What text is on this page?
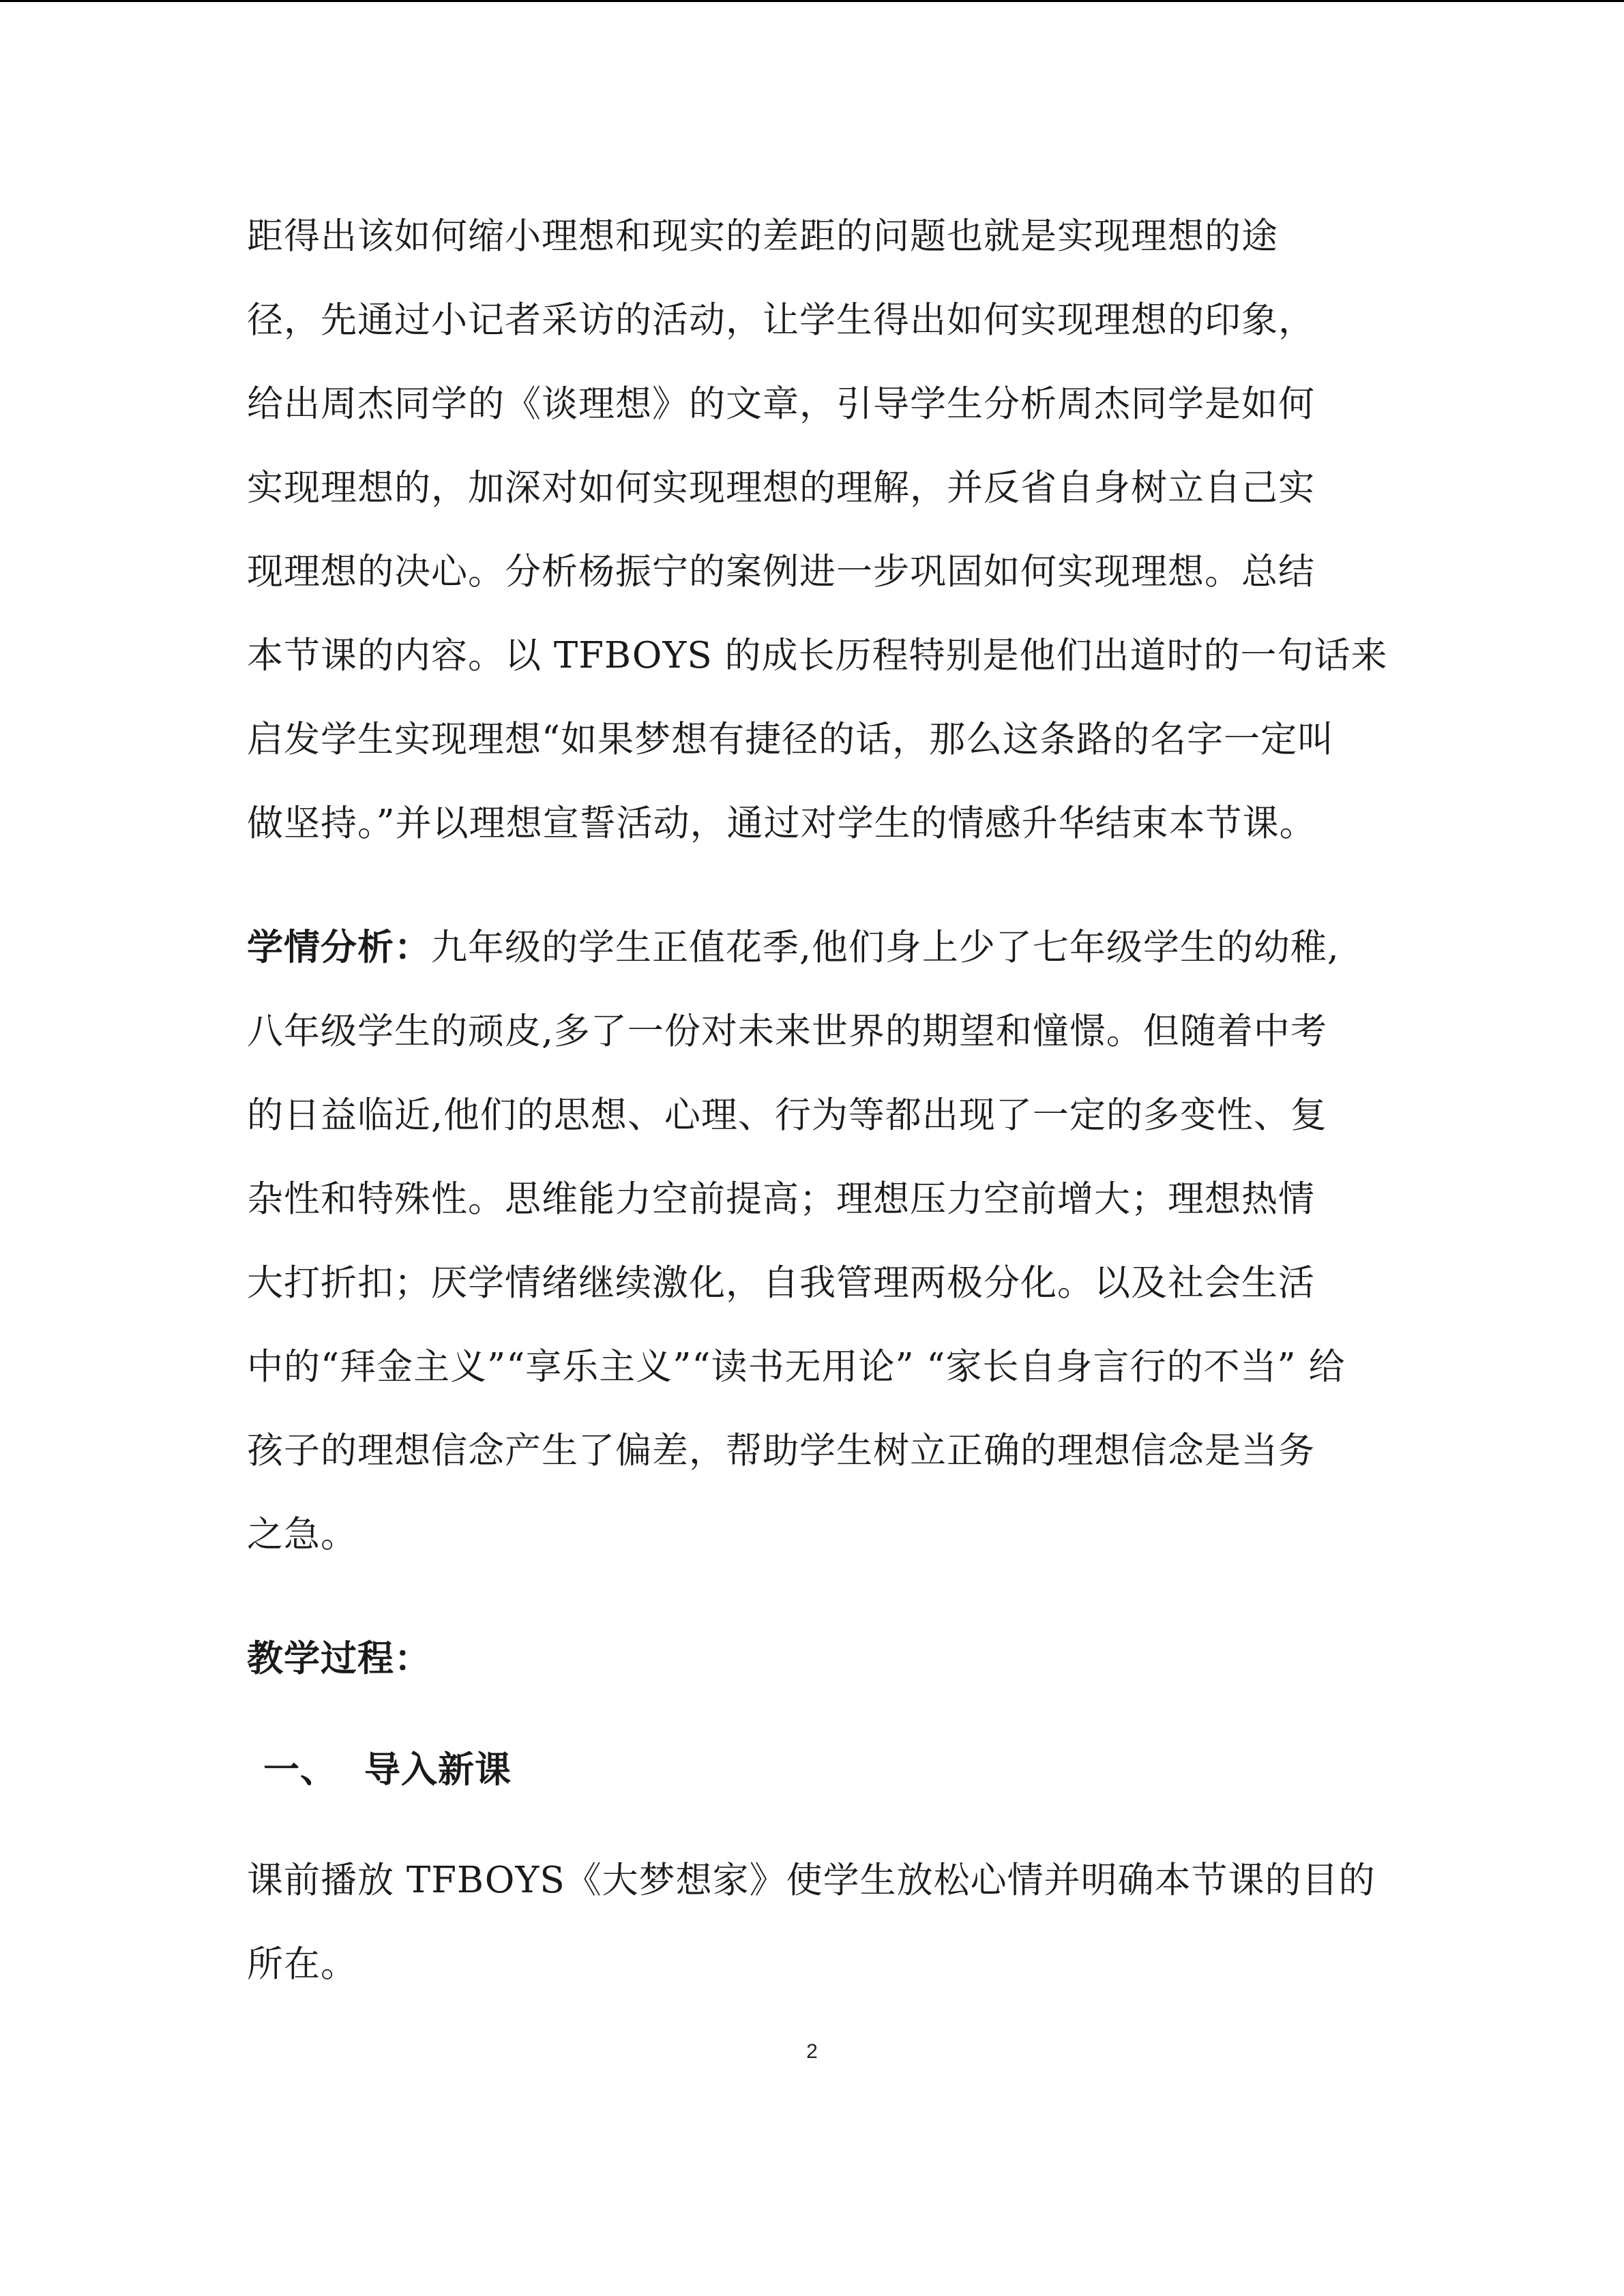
距得出该如何缩小理想和现实的差距的问题也就是实现理想的途
径，先通过小记者采访的活动，让学生得出如何实现理想的印象，
给出周杰同学的《谈理想》的文章，引导学生分析周杰同学是如何
实现理想的，加深对如何实现理想的理解，并反省自身树立自己实
现理想的决心。分析杨振宁的案例进一步巩固如何实现理想。总结
本节课的内容。以 TFBOYS 的成长历程特别是他们出道时的一句话来
启发学生实现理想“如果梦想有捷径的话，那么这条路的名字一定叫
做坚持。”并以理想宣誓活动，通过对学生的情感升华结束本节课。
学情分析：九年级的学生正值花季,他们身上少了七年级学生的幼稚,
八年级学生的顽皮,多了一份对未来世界的期望和憧憬。但随着中考
的日益临近,他们的思想、心理、行为等都出现了一定的多变性、复
杂性和特殊性。思维能力空前提高；理想压力空前增大；理想热情
大打折扣；厌学情绪继续激化，自我管理两极分化。以及社会生活
中的“拜金主义”“享乐主义”“读书无用论” “家长自身言行的不当” 给
孩子的理想信念产生了偏差，帮助学生树立正确的理想信念是当务
之急。
教学过程：
一、 导入新课
课前播放 TFBOYS《大梦想家》使学生放松心情并明确本节课的目的
所在。
2
